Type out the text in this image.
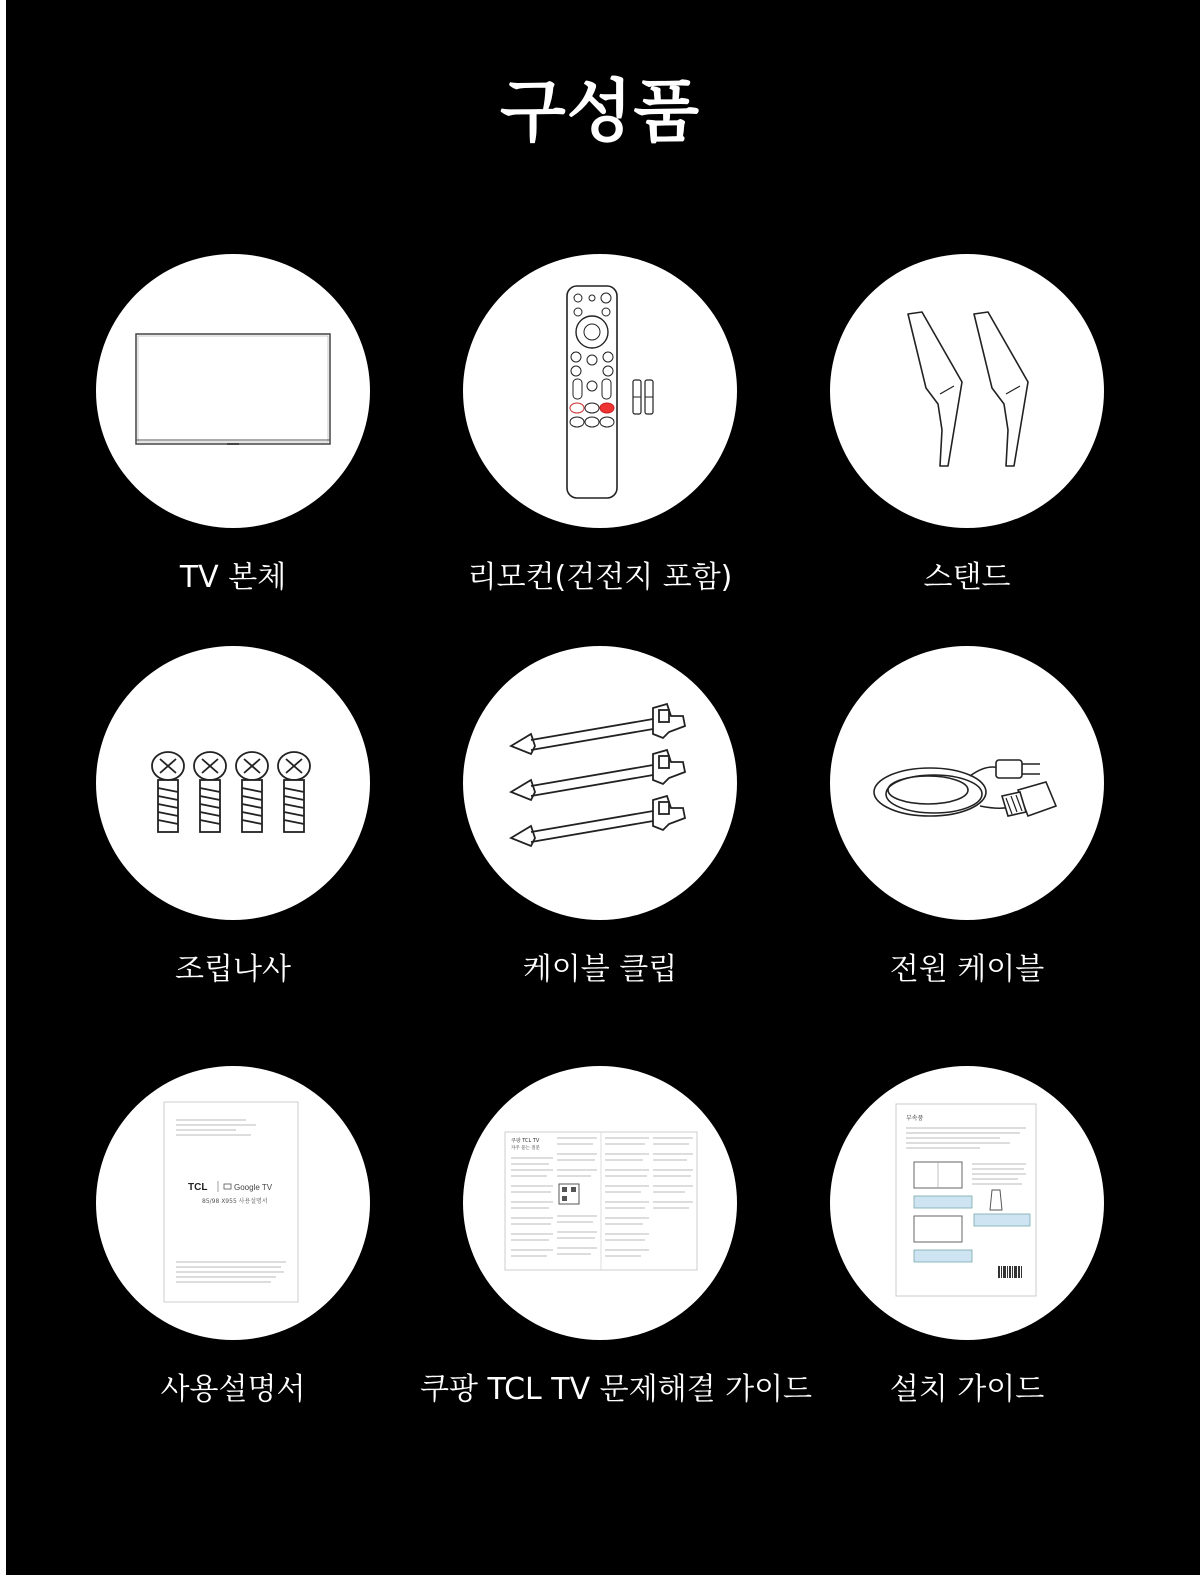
구성품
TV 본체	리모컨(건전지 포함)	스탠드
조립나사	케이블 클립	전원 케이블
TCL	Google TV
85/98 X955 사용설명서
사용설명서
쿠팡 TCL TV
자주 묻는 질문
쿠팡 TCL TV 문제해결 가이드
부속품
설치 가이드
